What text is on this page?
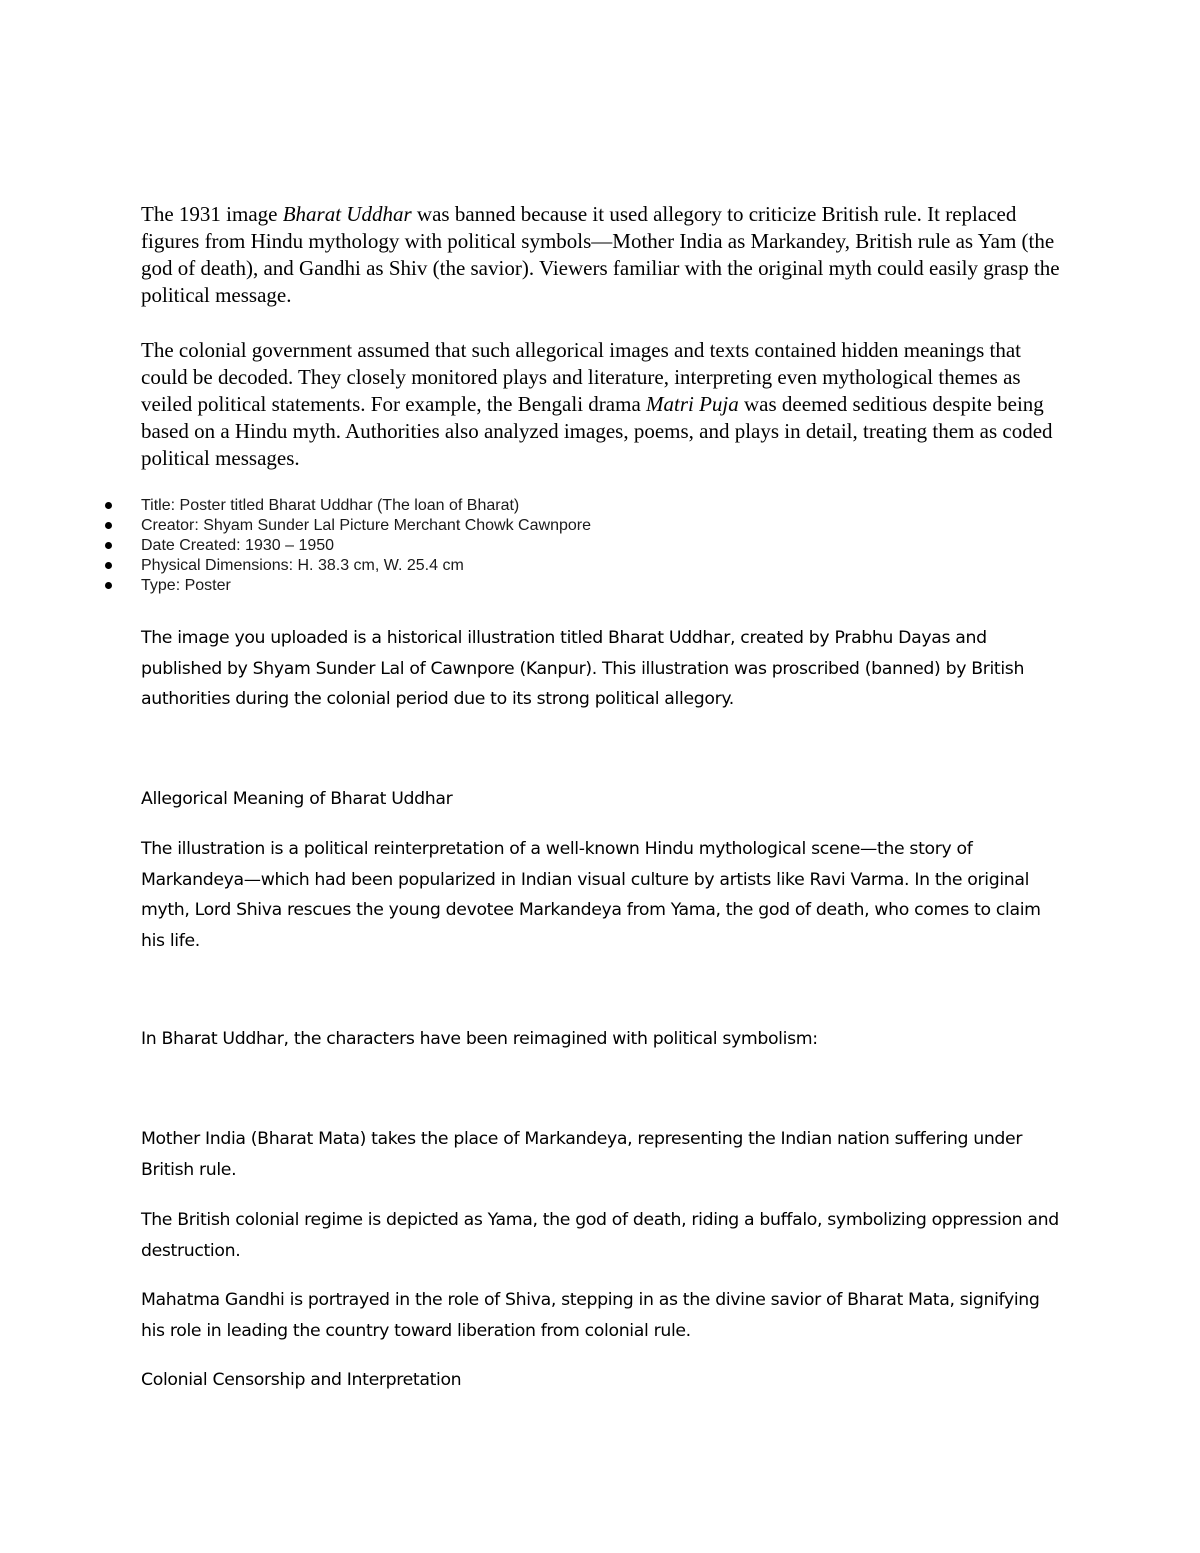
The 1931 image Bharat Uddhar was banned because it used allegory to criticize British rule. It replaced figures from Hindu mythology with political symbols—Mother India as Markandey, British rule as Yam (the god of death), and Gandhi as Shiv (the savior). Viewers familiar with the original myth could easily grasp the political message.

The colonial government assumed that such allegorical images and texts contained hidden meanings that could be decoded. They closely monitored plays and literature, interpreting even mythological themes as veiled political statements. For example, the Bengali drama Matri Puja was deemed seditious despite being based on a Hindu myth. Authorities also analyzed images, poems, and plays in detail, treating them as coded political messages.

Title: Poster titled Bharat Uddhar (The loan of Bharat)
Creator: Shyam Sunder Lal Picture Merchant Chowk Cawnpore
Date Created: 1930 – 1950
Physical Dimensions: H. 38.3 cm, W. 25.4 cm
Type: Poster

The image you uploaded is a historical illustration titled Bharat Uddhar, created by Prabhu Dayas and published by Shyam Sunder Lal of Cawnpore (Kanpur). This illustration was proscribed (banned) by British authorities during the colonial period due to its strong political allegory.

Allegorical Meaning of Bharat Uddhar

The illustration is a political reinterpretation of a well-known Hindu mythological scene—the story of Markandeya—which had been popularized in Indian visual culture by artists like Ravi Varma. In the original myth, Lord Shiva rescues the young devotee Markandeya from Yama, the god of death, who comes to claim his life.

In Bharat Uddhar, the characters have been reimagined with political symbolism:

Mother India (Bharat Mata) takes the place of Markandeya, representing the Indian nation suffering under British rule.

The British colonial regime is depicted as Yama, the god of death, riding a buffalo, symbolizing oppression and destruction.

Mahatma Gandhi is portrayed in the role of Shiva, stepping in as the divine savior of Bharat Mata, signifying his role in leading the country toward liberation from colonial rule.

Colonial Censorship and Interpretation
